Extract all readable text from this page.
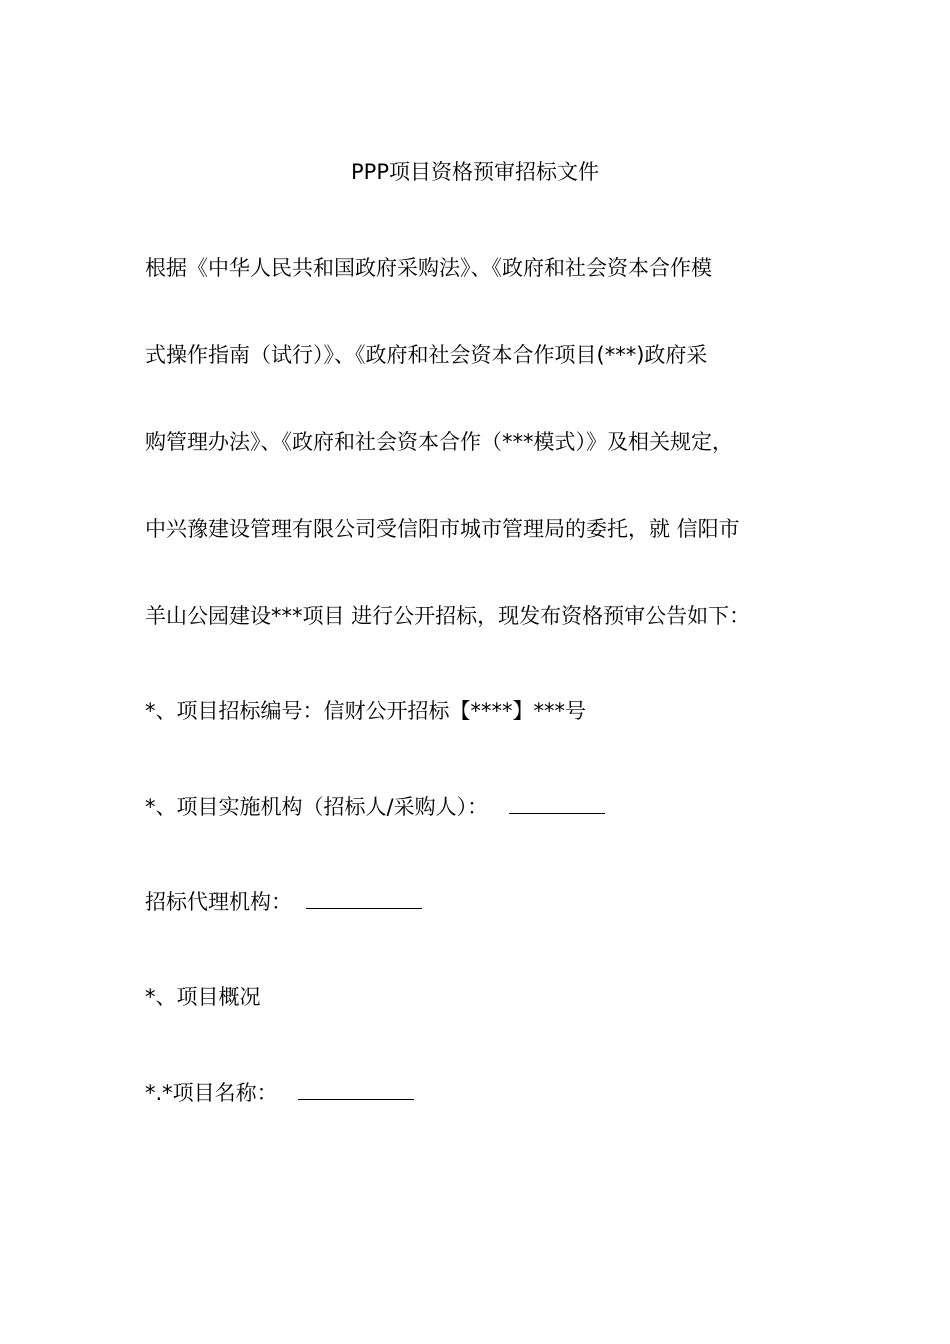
PPP项目资格预审招标文件
根据《中华人民共和国政府采购法》、《政府和社会资本合作模
式操作指南（试行）》、《政府和社会资本合作项目(***)政府采
购管理办法》、《政府和社会资本合作（***模式）》及相关规定，
中兴豫建设管理有限公司受信阳市城市管理局的委托，就 信阳市
羊山公园建设***项目 进行公开招标，现发布资格预审公告如下：
*、项目招标编号：信财公开招标【****】***号
*、项目实施机构（招标人/采购人）：
招标代理机构：
*、项目概况
*.*项目名称：
